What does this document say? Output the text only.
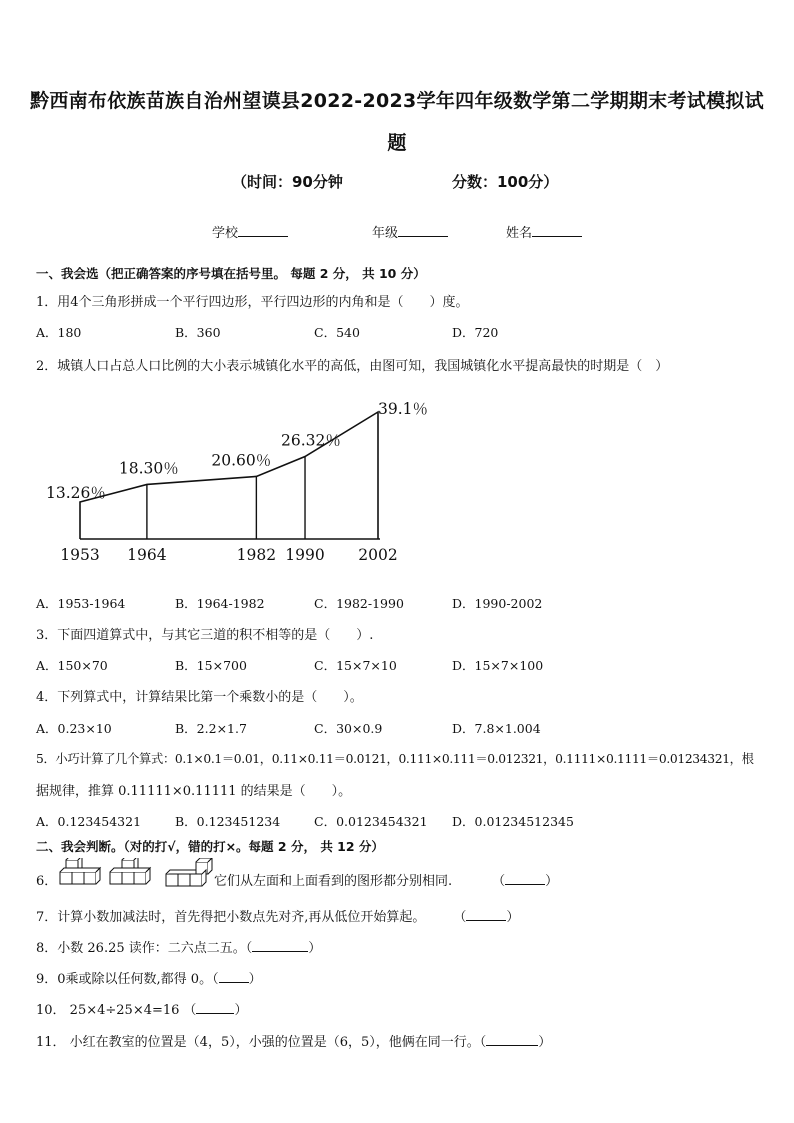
黔西南布依族苗族自治州望谟县2022-2023学年四年级数学第二学期期末考试模拟试
题
（时间：90分钟	分数：100分）
学校	年级	姓名
一、我会选（把正确答案的序号填在括号里。 每题 2 分， 共 10 分）
1．用4个三角形拼成一个平行四边形，平行四边形的内角和是（　　）度。
A．180	B．360	C．540	D．720
2．城镇人口占总人口比例的大小表示城镇化水平的高低，由图可知，我国城镇化水平提高最快的时期是（　）
1953 1964	1982 1990 2002
13.26％
18.30％ 20.60％
26.32％
39.1％
A．1953-1964	B．1964-1982	C．1982-1990	D．1990-2002
3．下面四道算式中，与其它三道的积不相等的是（　　）.
A．150×70	B．15×700	C．15×7×10	D．15×7×100
4．下列算式中，计算结果比第一个乘数小的是（　　）。
A．0.23×10	B．2.2×1.7	C．30×0.9	D．7.8×1.004
5．小巧计算了几个算式：0.1×0.1＝0.01，0.11×0.11＝0.0121，0.111×0.111＝0.012321，0.1111×0.1111＝0.01234321，根
据规律，推算 0.11111×0.11111 的结果是（　　）。
A．0.123454321	B．0.123451234	C．0.0123454321 D．0.01234512345
二、我会判断。（对的打√，错的打×。每题 2 分， 共 12 分）
6．	它们从左面和上面看到的图形都分别相同.	（	）
7．计算小数加减法时，首先得把小数点先对齐,再从低位开始算起。 （	）
8．小数 26.25 读作：二六点二五。（	）
9．0乘或除以任何数,都得 0。（ ）
10． 25×4÷25×4=16 （	）
11． 小红在教室的位置是（4，5），小强的位置是（6，5），他俩在同一行。（	）
